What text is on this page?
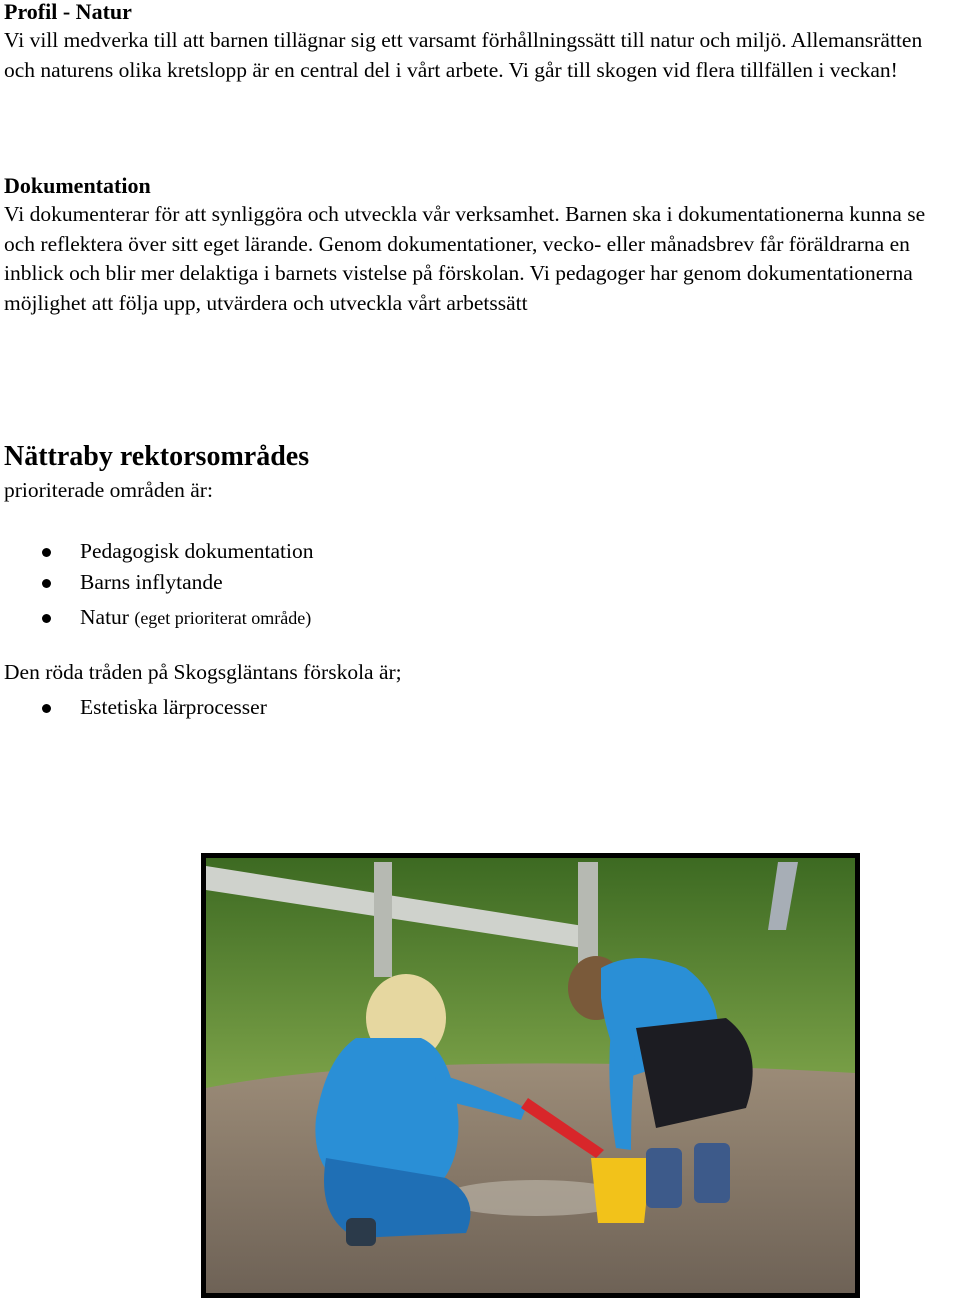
Profil - Natur

Vi vill medverka till att barnen tillägnar sig ett varsamt förhållningssätt till natur och miljö. Allemansrätten och naturens olika kretslopp är en central del i vårt arbete. Vi går till skogen vid flera tillfällen i veckan!

Dokumentation

Vi dokumenterar för att synliggöra och utveckla vår verksamhet. Barnen ska i dokumentationerna kunna se och reflektera över sitt eget lärande. Genom dokumentationer, vecko- eller månadsbrev får föräldrarna en inblick och blir mer delaktiga i barnets vistelse på förskolan. Vi pedagoger har genom dokumentationerna möjlighet att följa upp, utvärdera och utveckla vårt arbetssätt

Nättraby rektorsområdes

prioriterade områden är:

Pedagogisk dokumentation
Barns inflytande
Natur (eget prioriterat område)

Den röda tråden på Skogsgläntans förskola är;

Estetiska lärprocesser
